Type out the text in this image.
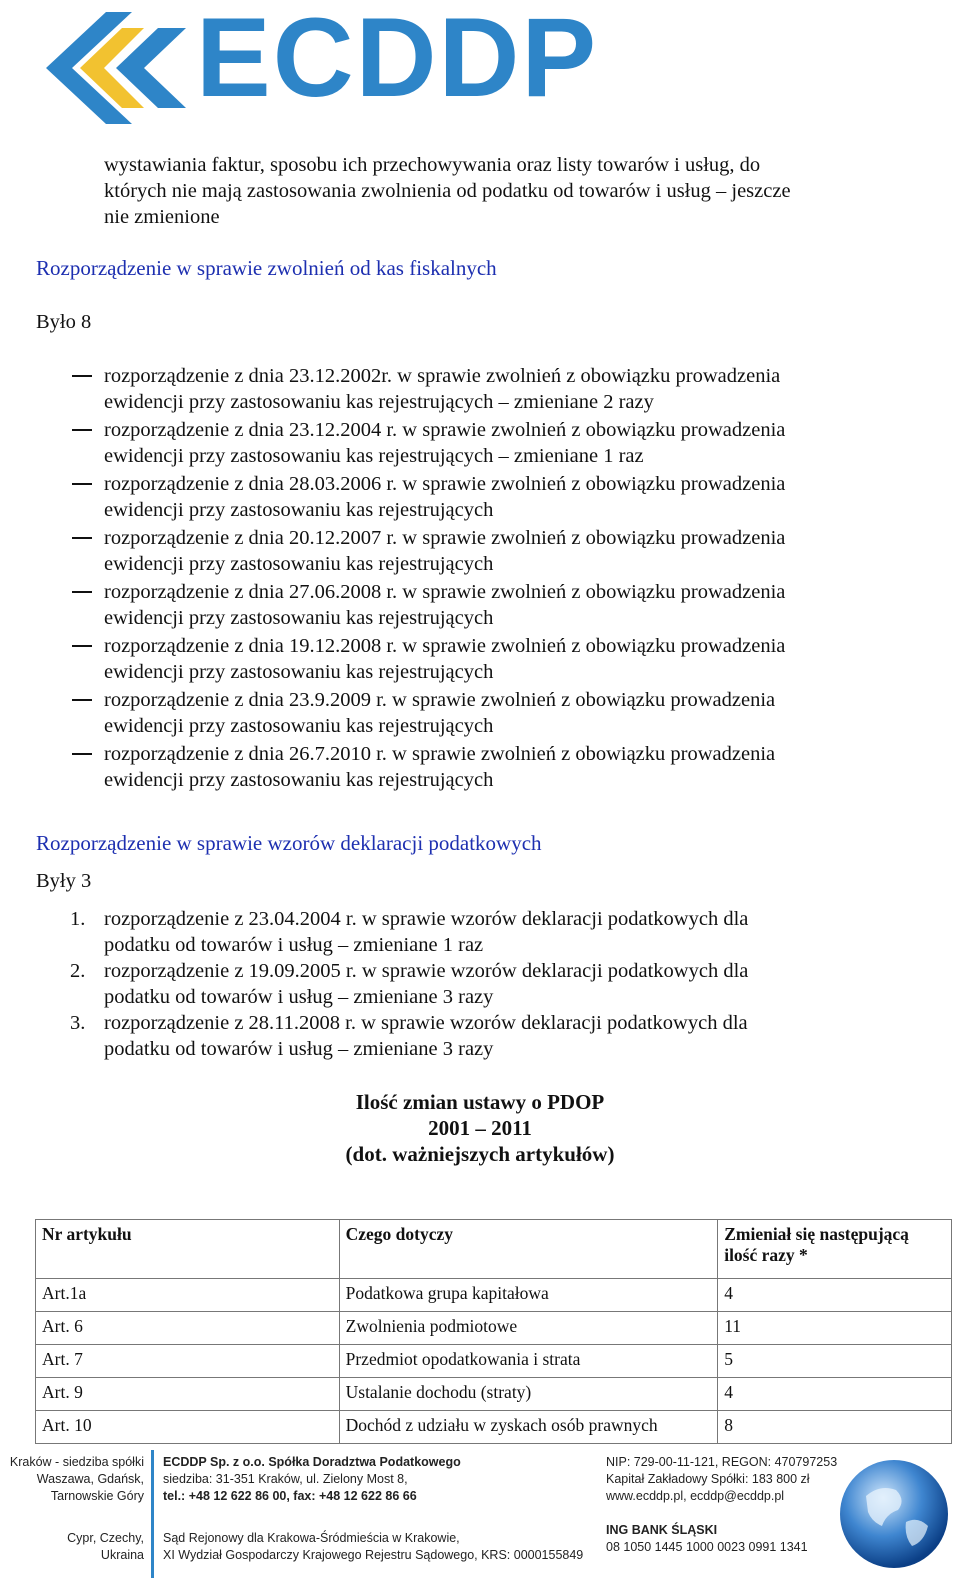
ECDDP
wystawiania faktur, sposobu ich przechowywania oraz listy towarów i usług, do
których nie mają zastosowania zwolnienia od podatku od towarów i usług – jeszcze
nie zmienione
Rozporządzenie w sprawie zwolnień od kas fiskalnych
Było 8
rozporządzenie z dnia 23.12.2002r. w sprawie zwolnień z obowiązku prowadzenia
ewidencji przy zastosowaniu kas rejestrujących – zmieniane 2 razy
rozporządzenie z dnia 23.12.2004 r. w sprawie zwolnień z obowiązku prowadzenia
ewidencji przy zastosowaniu kas rejestrujących – zmieniane 1 raz
rozporządzenie z dnia 28.03.2006 r. w sprawie zwolnień z obowiązku prowadzenia
ewidencji przy zastosowaniu kas rejestrujących
rozporządzenie z dnia 20.12.2007 r. w sprawie zwolnień z obowiązku prowadzenia
ewidencji przy zastosowaniu kas rejestrujących
rozporządzenie z dnia 27.06.2008 r. w sprawie zwolnień z obowiązku prowadzenia
ewidencji przy zastosowaniu kas rejestrujących
rozporządzenie z dnia 19.12.2008 r. w sprawie zwolnień z obowiązku prowadzenia
ewidencji przy zastosowaniu kas rejestrujących
rozporządzenie z dnia 23.9.2009 r. w sprawie zwolnień z obowiązku prowadzenia
ewidencji przy zastosowaniu kas rejestrujących
rozporządzenie z dnia 26.7.2010 r. w sprawie zwolnień z obowiązku prowadzenia
ewidencji przy zastosowaniu kas rejestrujących
Rozporządzenie w sprawie wzorów deklaracji podatkowych
Były 3
1. rozporządzenie z 23.04.2004 r. w sprawie wzorów deklaracji podatkowych dla
podatku od towarów i usług – zmieniane 1 raz
2. rozporządzenie z 19.09.2005 r. w sprawie wzorów deklaracji podatkowych dla
podatku od towarów i usług – zmieniane 3 razy
3. rozporządzenie z 28.11.2008 r. w sprawie wzorów deklaracji podatkowych dla
podatku od towarów i usług – zmieniane 3 razy
Ilość zmian ustawy o PDOP
2001 – 2011
(dot. ważniejszych artykułów)
Nr artykułu	Czego dotyczy	Zmieniał się następującą ilość razy *
Art.1a	Podatkowa grupa kapitałowa	4
Art. 6	Zwolnienia podmiotowe	11
Art. 7	Przedmiot opodatkowania i strata	5
Art. 9	Ustalanie dochodu (straty)	4
Art. 10	Dochód z udziału w zyskach osób prawnych	8
Kraków - siedziba spółki
Waszawa, Gdańsk,
Tarnowskie Góry
Cypr, Czechy,
Ukraina
ECDDP Sp. z o.o. Spółka Doradztwa Podatkowego
siedziba: 31-351 Kraków, ul. Zielony Most 8,
tel.: +48 12 622 86 00, fax: +48 12 622 86 66
Sąd Rejonowy dla Krakowa-Śródmieścia w Krakowie,
XI Wydział Gospodarczy Krajowego Rejestru Sądowego, KRS: 0000155849
NIP: 729-00-11-121, REGON: 470797253
Kapitał Zakładowy Spółki: 183 800 zł
www.ecddp.pl, ecddp@ecddp.pl
ING BANK ŚLĄSKI
08 1050 1445 1000 0023 0991 1341
